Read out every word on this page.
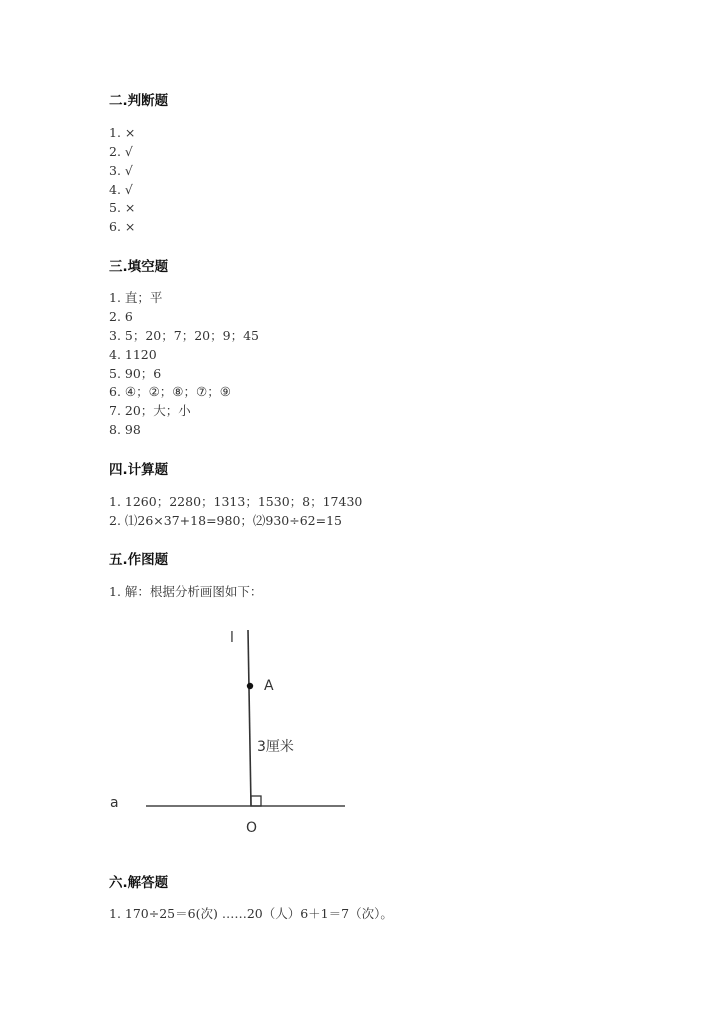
二.判断题
1. ×
2. √
3. √
4. √
5. ×
6. ×
三.填空题
1. 直；平
2. 6
3. 5；20；7；20；9；45
4. 1120
5. 90；6
6. ④；②；⑧；⑦；⑨
7. 20；大；小
8. 98
四.计算题
1. 1260；2280；1313；1530；8；17430
2. ⑴26×37+18=980；⑵930÷62=15
五.作图题
1. 解：根据分析画图如下：
l
A
3厘米
a
O
六.解答题
1. 170÷25＝6(次) ……20（人）6＋1＝7（次）。
